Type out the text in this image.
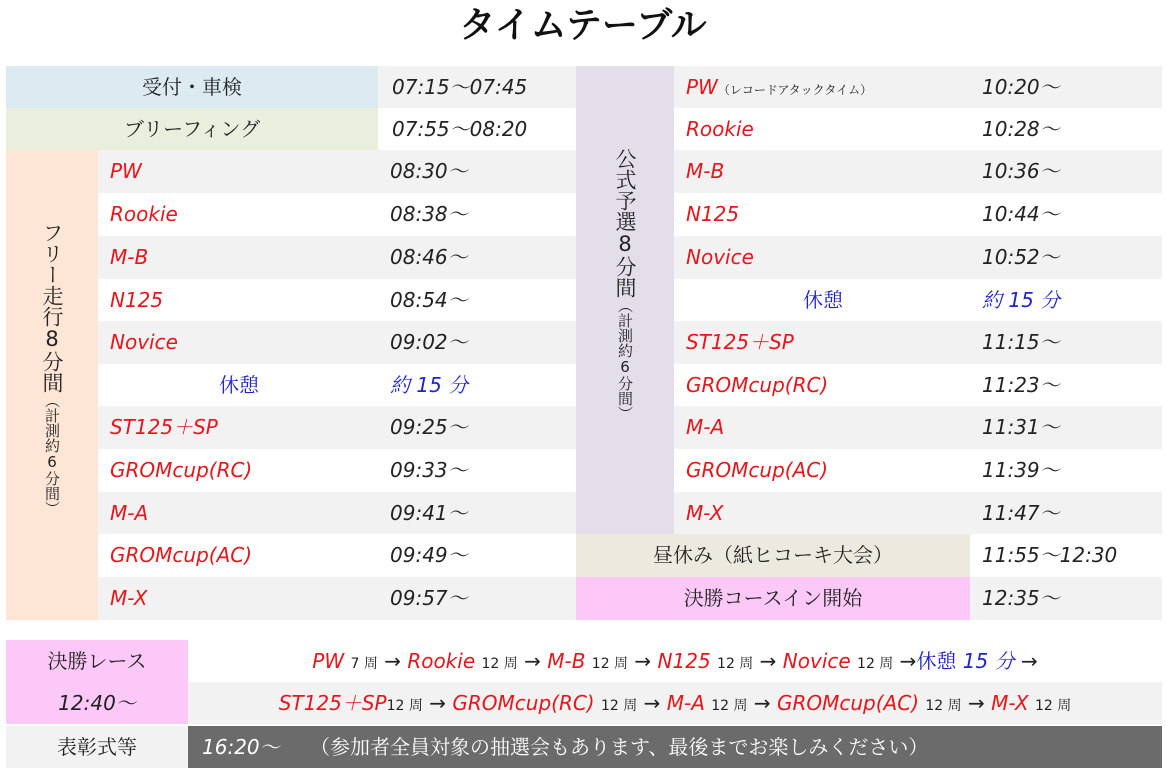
タイムテーブル
受付・車検	07:15～07:45
ブリーフィング	07:55～08:20
フリー走行8分間（計測約6分間）
PW	08:30～
Rookie	08:38～
M-B	08:46～
N125	08:54～
Novice	09:02～
休憩	約 15 分
ST125＋SP	09:25～
GROMcup(RC)	09:33～
M-A	09:41～
GROMcup(AC)	09:49～
M-X	09:57～
公式予選8分間（計測約6分間）
PW（レコードアタックタイム）	10:20～
Rookie	10:28～
M-B	10:36～
N125	10:44～
Novice	10:52～
休憩	約 15 分
ST125＋SP	11:15～
GROMcup(RC)	11:23～
M-A	11:31～
GROMcup(AC)	11:39～
M-X	11:47～
昼休み（紙ヒコーキ大会）	11:55～12:30
決勝コースイン開始	12:35～
決勝レース
12:40～
PW 7 周 → Rookie 12 周 → M-B 12 周 → N125 12 周 → Novice 12 周 →休憩 15 分 →
ST125＋SP12 周 → GROMcup(RC) 12 周 → M-A 12 周 → GROMcup(AC) 12 周 → M-X 12 周
表彰式等	16:20～ （参加者全員対象の抽選会もあります、最後までお楽しみください）
